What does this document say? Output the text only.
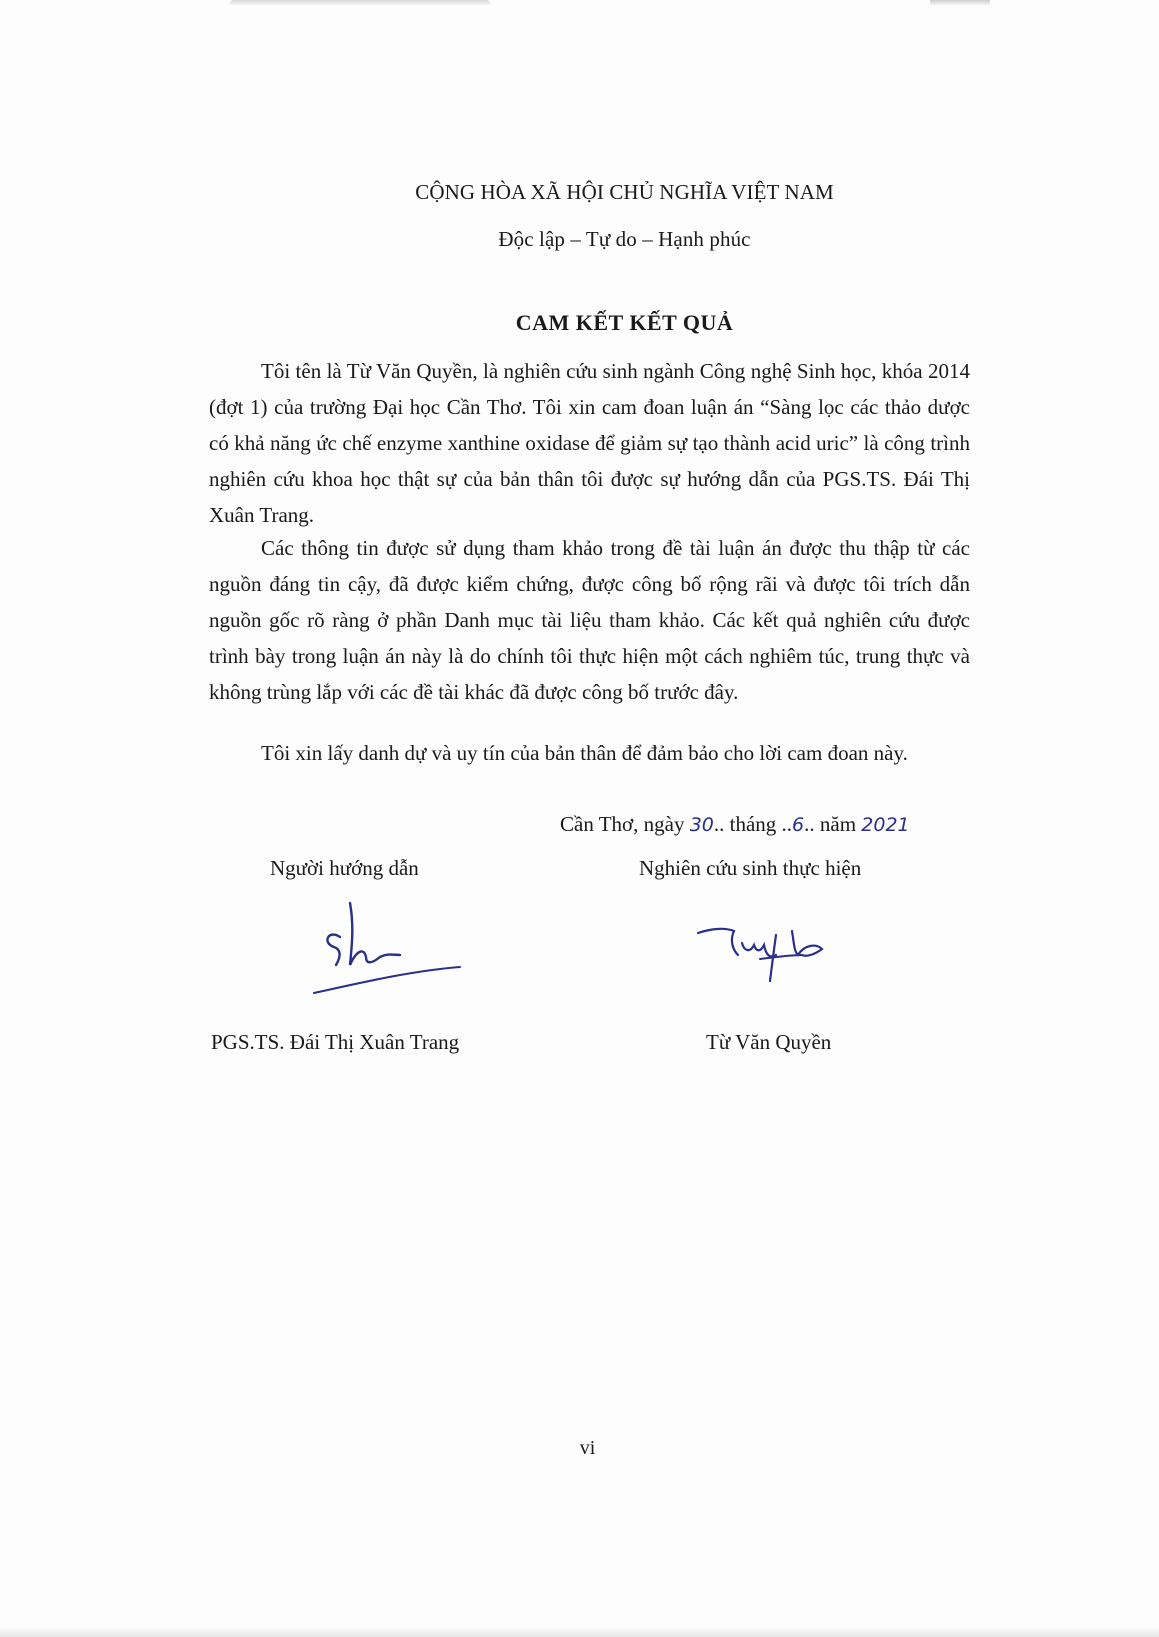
CỘNG HÒA XÃ HỘI CHỦ NGHĨA VIỆT NAM
Độc lập – Tự do – Hạnh phúc
CAM KẾT KẾT QUẢ

Tôi tên là Từ Văn Quyền, là nghiên cứu sinh ngành Công nghệ Sinh học, khóa 2014 (đợt 1) của trường Đại học Cần Thơ. Tôi xin cam đoan luận án “Sàng lọc các thảo dược có khả năng ức chế enzyme xanthine oxidase để giảm sự tạo thành acid uric” là công trình nghiên cứu khoa học thật sự của bản thân tôi được sự hướng dẫn của PGS.TS. Đái Thị Xuân Trang.

Các thông tin được sử dụng tham khảo trong đề tài luận án được thu thập từ các nguồn đáng tin cậy, đã được kiểm chứng, được công bố rộng rãi và được tôi trích dẫn nguồn gốc rõ ràng ở phần Danh mục tài liệu tham khảo. Các kết quả nghiên cứu được trình bày trong luận án này là do chính tôi thực hiện một cách nghiêm túc, trung thực và không trùng lắp với các đề tài khác đã được công bố trước đây.

Tôi xin lấy danh dự và uy tín của bản thân để đảm bảo cho lời cam đoan này.

Cần Thơ, ngày 30.. tháng ..6.. năm 2021
Người hướng dẫn	Nghiên cứu sinh thực hiện
PGS.TS. Đái Thị Xuân Trang	Từ Văn Quyền
vi
